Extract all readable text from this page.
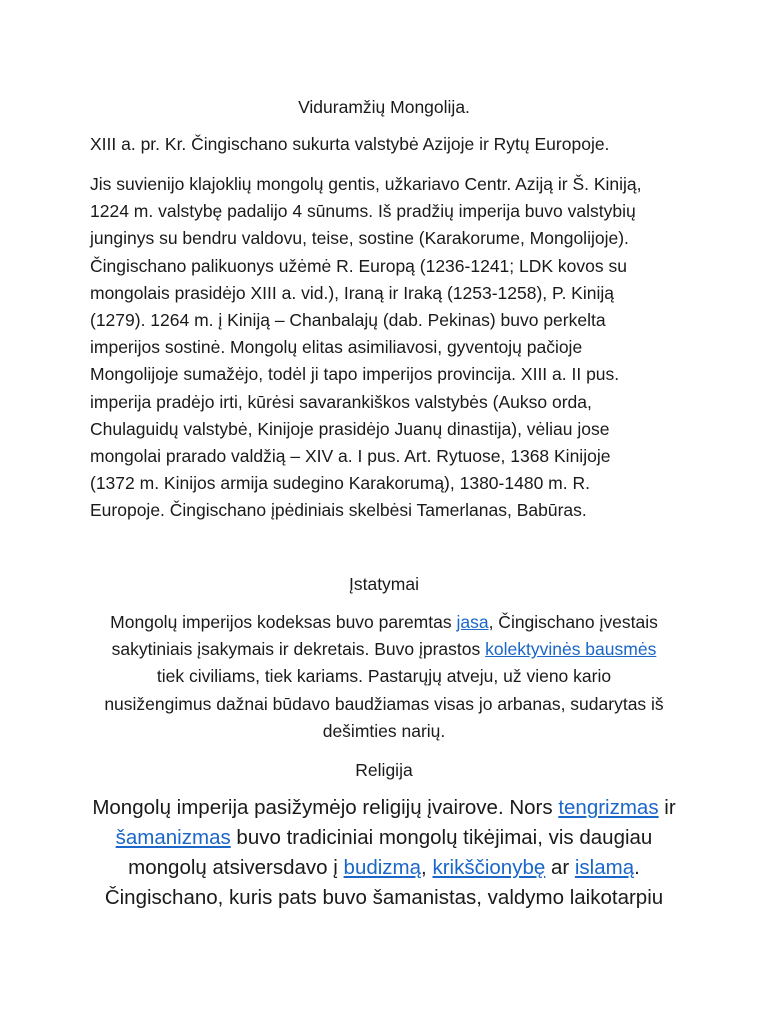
Viduramžių Mongolija.
XIII a. pr. Kr. Čingischano sukurta valstybė Azijoje ir Rytų Europoje.
Jis suvienijo klajoklių mongolų gentis, užkariavo Centr. Aziją ir Š. Kiniją,
1224 m. valstybę padalijo 4 sūnums. Iš pradžių imperija buvo valstybių
junginys su bendru valdovu, teise, sostine (Karakorume, Mongolijoje).
Čingischano palikuonys užėmė R. Europą (1236-1241; LDK kovos su
mongolais prasidėjo XIII a. vid.), Iraną ir Iraką (1253-1258), P. Kiniją
(1279). 1264 m. į Kiniją – Chanbalajų (dab. Pekinas) buvo perkelta
imperijos sostinė. Mongolų elitas asimiliavosi, gyventojų pačioje
Mongolijoje sumažėjo, todėl ji tapo imperijos provincija. XIII a. II pus.
imperija pradėjo irti, kūrėsi savarankiškos valstybės (Aukso orda,
Chulaguidų valstybė, Kinijoje prasidėjo Juanų dinastija), vėliau jose
mongolai prarado valdžią – XIV a. I pus. Art. Rytuose, 1368 Kinijoje
(1372 m. Kinijos armija sudegino Karakorumą), 1380-1480 m. R.
Europoje. Čingischano įpėdiniais skelbėsi Tamerlanas, Babūras.
Įstatymai
Mongolų imperijos kodeksas buvo paremtas jasa, Čingischano įvestais
sakytiniais įsakymais ir dekretais. Buvo įprastos kolektyvinės bausmės
tiek civiliams, tiek kariams. Pastarųjų atveju, už vieno kario
nusižengimus dažnai būdavo baudžiamas visas jo arbanas, sudarytas iš
dešimties narių.
Religija
Mongolų imperija pasižymėjo religijų įvairove. Nors tengrizmas ir
šamanizmas buvo tradiciniai mongolų tikėjimai, vis daugiau
mongolų atsiversdavo į budizmą, krikščionybę ar islamą.
Čingischano, kuris pats buvo šamanistas, valdymo laikotarpiu
